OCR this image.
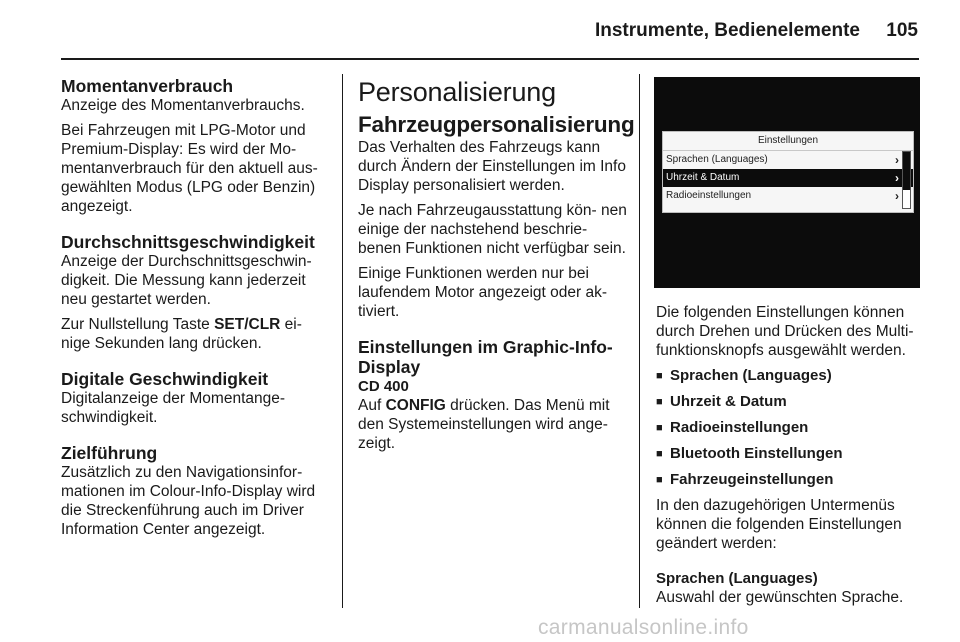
Instrumente, Bedienelemente 105
Momentanverbrauch

Anzeige des Momentanverbrauchs.

Bei Fahrzeugen mit LPG-Motor und Premium-Display: Es wird der Mo- mentanverbrauch für den aktuell aus- gewählten Modus (LPG oder Benzin) angezeigt.

Durchschnittsgeschwindigkeit

Anzeige der Durchschnittsgeschwin- digkeit. Die Messung kann jederzeit neu gestartet werden.

Zur Nullstellung Taste SET/CLR ei- nige Sekunden lang drücken.

Digitale Geschwindigkeit

Digitalanzeige der Momentange- schwindigkeit.

Zielführung

Zusätzlich zu den Navigationsinfor- mationen im Colour-Info-Display wird die Streckenführung auch im Driver Information Center angezeigt.

Personalisierung
Fahrzeugpersonalisierung

Das Verhalten des Fahrzeugs kann durch Ändern der Einstellungen im Info Display personalisiert werden.

Je nach Fahrzeugausstattung kön- nen einige der nachstehend beschrie- benen Funktionen nicht verfügbar sein.

Einige Funktionen werden nur bei laufendem Motor angezeigt oder ak- tiviert.

Einstellungen im Graphic-Info-Display
CD 400

Auf CONFIG drücken. Das Menü mit den Systemeinstellungen wird ange- zeigt.

Einstellungen
Sprachen (Languages)	›
Uhrzeit & Datum	›
Radioeinstellungen	›

Die folgenden Einstellungen können durch Drehen und Drücken des Multi- funktionsknopfs ausgewählt werden.

■ Sprachen (Languages)
■ Uhrzeit & Datum
■ Radioeinstellungen
■ Bluetooth Einstellungen
■ Fahrzeugeinstellungen

In den dazugehörigen Untermenüs können die folgenden Einstellungen geändert werden:

Sprachen (Languages)

Auswahl der gewünschten Sprache.

carmanualsonline.info
